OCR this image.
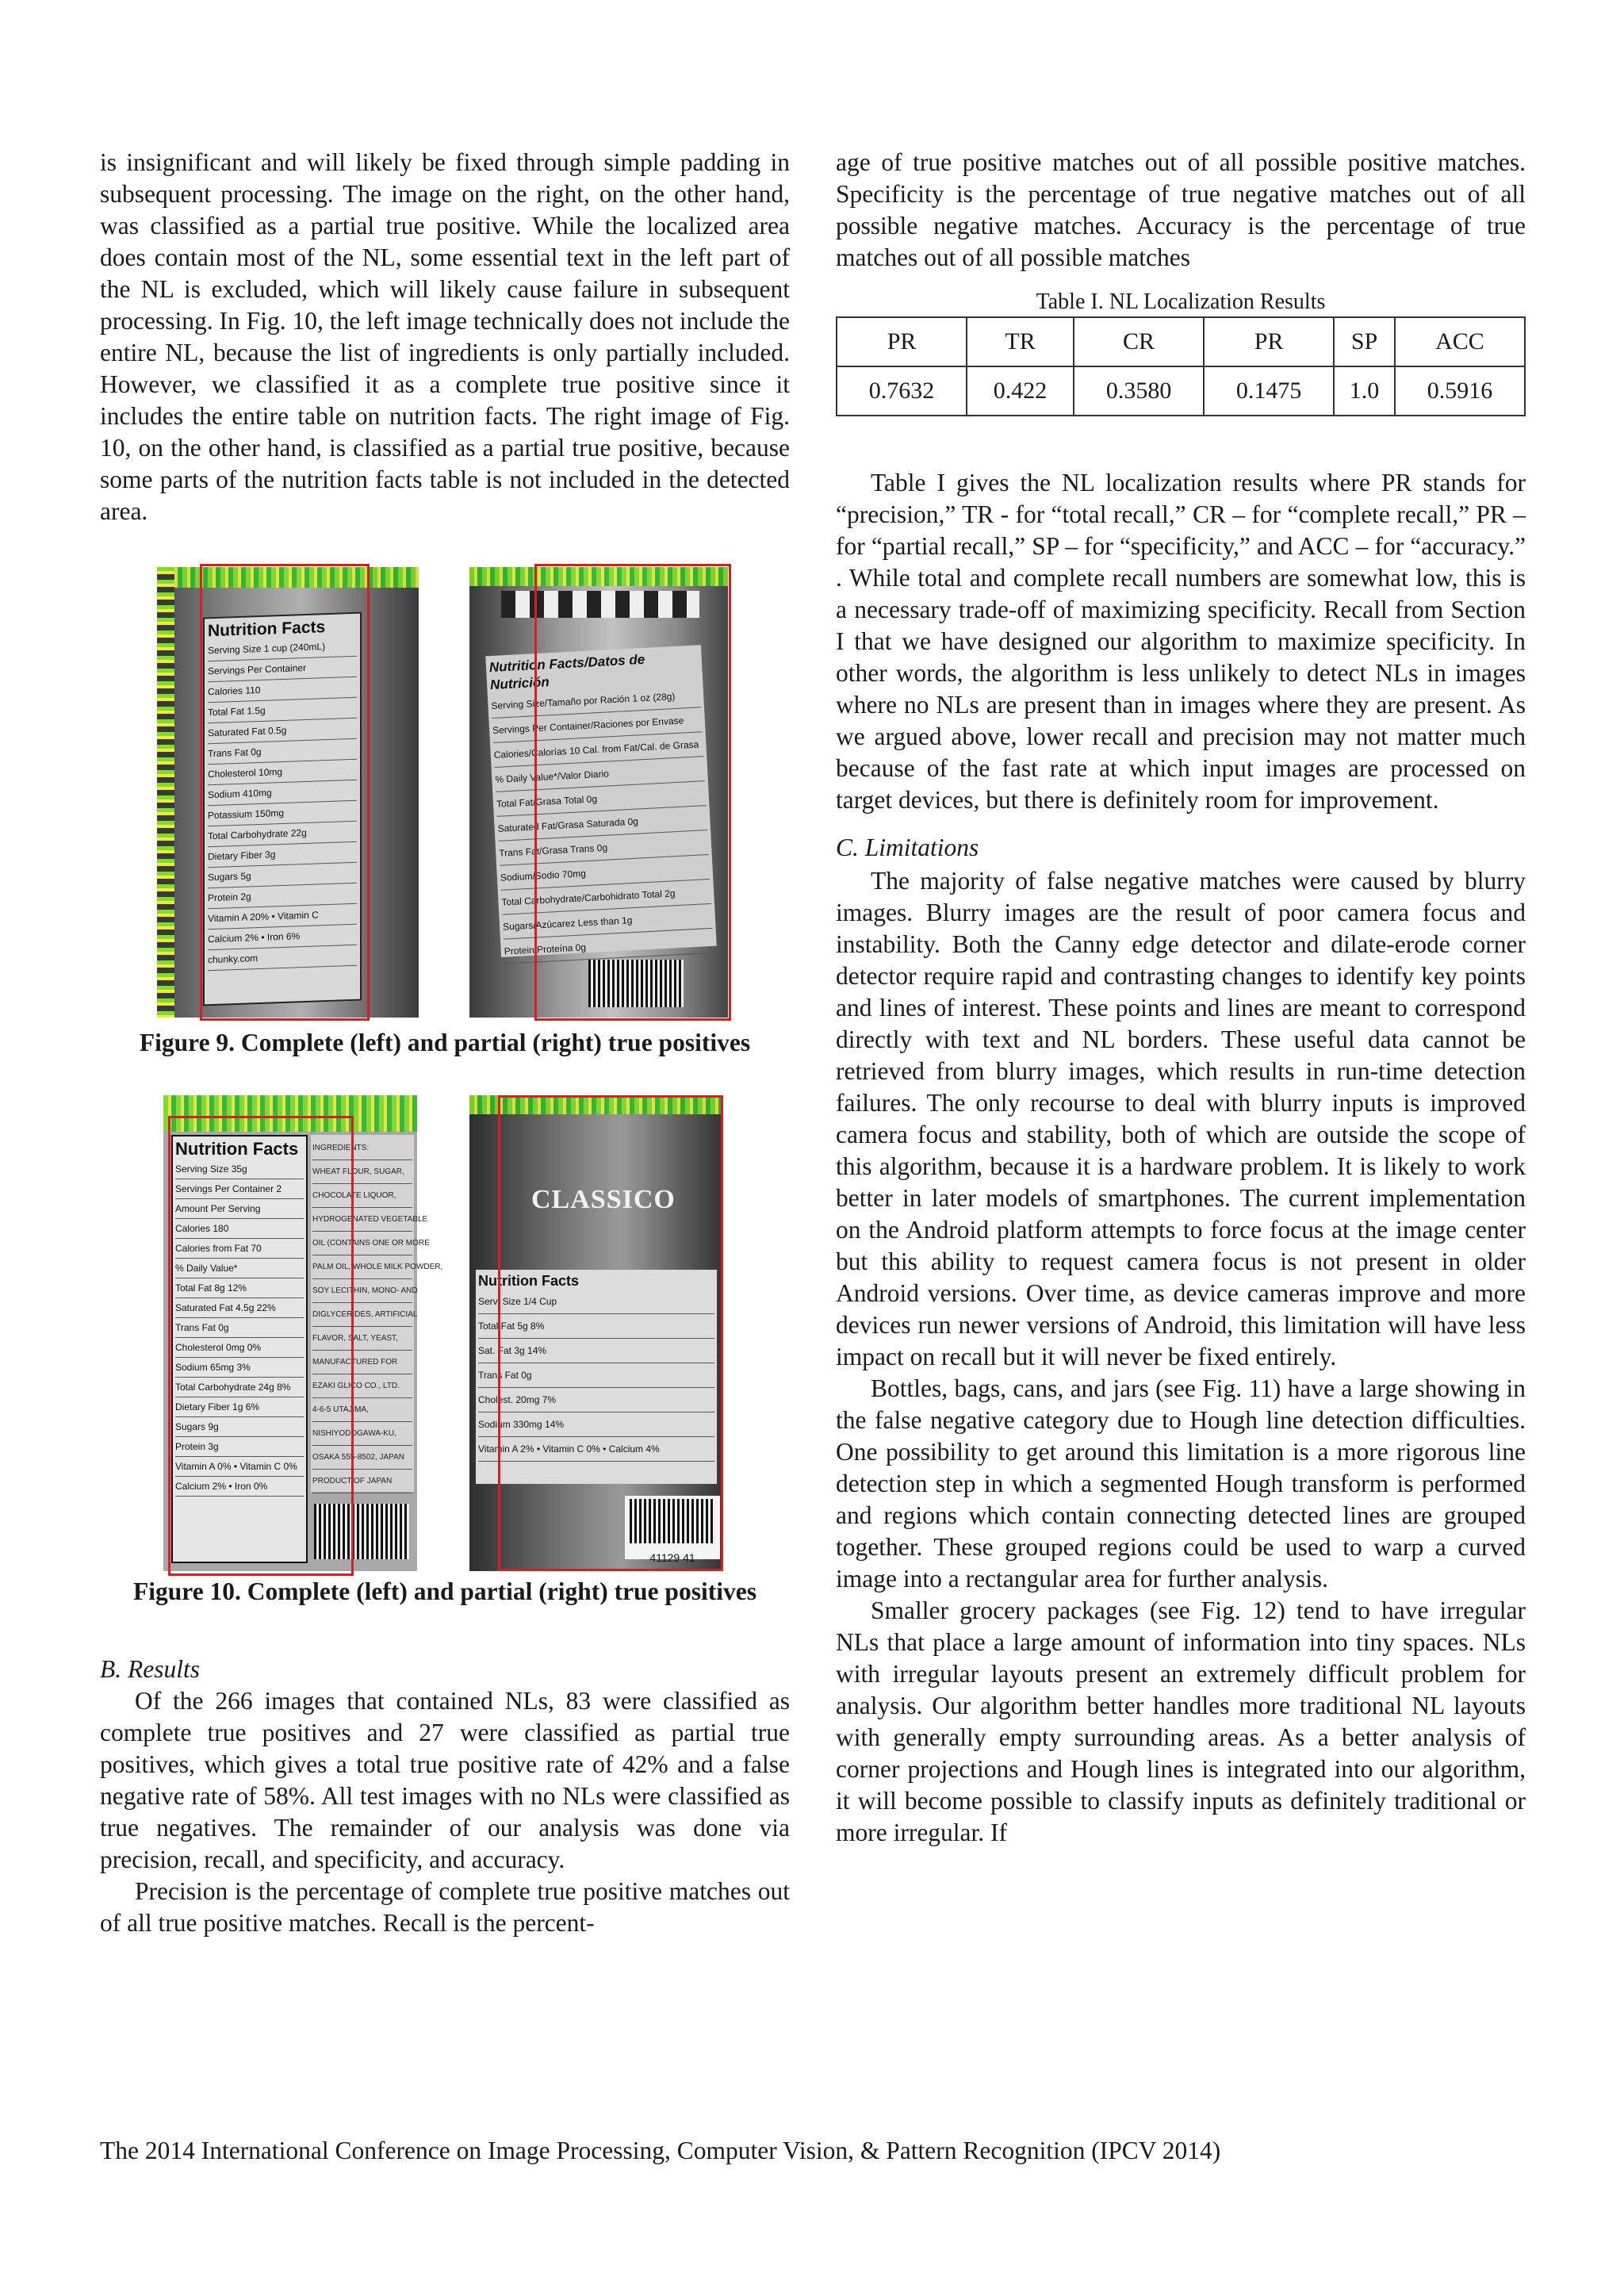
is insignificant and will likely be fixed through simple padding in subsequent processing. The image on the right, on the other hand, was classified as a partial true positive. While the localized area does contain most of the NL, some essential text in the left part of the NL is excluded, which will likely cause failure in subsequent processing. In Fig. 10, the left image technically does not include the entire NL, because the list of ingredients is only partially included. However, we classified it as a complete true positive since it includes the entire table on nutrition facts. The right image of Fig. 10, on the other hand, is classified as a partial true positive, because some parts of the nutrition facts table is not included in the detected area.

Nutrition Facts
Serving Size 1 cup (240mL)
Servings Per Container
Calories 110
Total Fat 1.5g
Saturated Fat 0.5g
Trans Fat 0g
Cholesterol 10mg
Sodium 410mg
Potassium 150mg
Total Carbohydrate 22g
Dietary Fiber 3g
Sugars 5g
Protein 2g
Vitamin A 20% • Vitamin C
Calcium 2% • Iron 6%
chunky.com
Nutrition Facts/Datos de Nutrición
Serving Size/Tamaño por Ración 1 oz (28g)
Servings Per Container/Raciones por Envase
Calories/Calorías 10 Cal. from Fat/Cal. de Grasa
% Daily Value*/Valor Diario
Total Fat/Grasa Total 0g
Saturated Fat/Grasa Saturada 0g
Trans Fat/Grasa Trans 0g
Sodium/Sodio 70mg
Total Carbohydrate/Carbohidrato Total 2g
Sugars/Azúcarez Less than 1g
Protein/Proteína 0g

Figure 9. Complete (left) and partial (right) true positives

Nutrition Facts
Serving Size 35g
Servings Per Container 2
Amount Per Serving
Calories 180
Calories from Fat 70
% Daily Value*
Total Fat 8g 12%
Saturated Fat 4.5g 22%
Trans Fat 0g
Cholesterol 0mg 0%
Sodium 65mg 3%
Total Carbohydrate 24g 8%
Dietary Fiber 1g 6%
Sugars 9g
Protein 3g
Vitamin A 0% • Vitamin C 0%
Calcium 2% • Iron 0%
INGREDIENTS:
WHEAT FLOUR, SUGAR,
CHOCOLATE LIQUOR,
HYDROGENATED VEGETABLE
OIL (CONTAINS ONE OR MORE
PALM OIL, WHOLE MILK POWDER,
SOY LECITHIN, MONO- AND
DIGLYCERIDES, ARTIFICIAL
FLAVOR, SALT, YEAST,
MANUFACTURED FOR
EZAKI GLICO CO., LTD.
4-6-5 UTAJIMA,
NISHIYODOGAWA-KU,
OSAKA 555-8502, JAPAN
PRODUCT OF JAPAN
CLASSICO
Nutrition Facts
Serv. Size 1/4 Cup
Total Fat 5g 8%
Sat. Fat 3g 14%
Trans Fat 0g
Cholest. 20mg 7%
Sodium 330mg 14%
Vitamin A 2% • Vitamin C 0% • Calcium 4%
41129 41

Figure 10. Complete (left) and partial (right) true positives

B. Results

Of the 266 images that contained NLs, 83 were classified as complete true positives and 27 were classified as partial true positives, which gives a total true positive rate of 42% and a false negative rate of 58%. All test images with no NLs were classified as true negatives. The remainder of our analysis was done via precision, recall, and specificity, and accuracy.

Precision is the percentage of complete true positive matches out of all true positive matches. Recall is the percent-

age of true positive matches out of all possible positive matches. Specificity is the percentage of true negative matches out of all possible negative matches. Accuracy is the percentage of true matches out of all possible matches

Table I. NL Localization Results

PR	TR	CR	PR	SP	ACC
0.7632	0.422	0.3580	0.1475	1.0	0.5916

Table I gives the NL localization results where PR stands for “precision,” TR - for “total recall,” CR – for “complete recall,” PR – for “partial recall,” SP – for “specificity,” and ACC – for “accuracy.” . While total and complete recall numbers are somewhat low, this is a necessary trade-off of maximizing specificity. Recall from Section I that we have designed our algorithm to maximize specificity. In other words, the algorithm is less unlikely to detect NLs in images where no NLs are present than in images where they are present. As we argued above, lower recall and precision may not matter much because of the fast rate at which input images are processed on target devices, but there is definitely room for improvement.

C. Limitations

The majority of false negative matches were caused by blurry images. Blurry images are the result of poor camera focus and instability. Both the Canny edge detector and dilate-erode corner detector require rapid and contrasting changes to identify key points and lines of interest. These points and lines are meant to correspond directly with text and NL borders. These useful data cannot be retrieved from blurry images, which results in run-time detection failures. The only recourse to deal with blurry inputs is improved camera focus and stability, both of which are outside the scope of this algorithm, because it is a hardware problem. It is likely to work better in later models of smartphones. The current implementation on the Android platform attempts to force focus at the image center but this ability to request camera focus is not present in older Android versions. Over time, as device cameras improve and more devices run newer versions of Android, this limitation will have less impact on recall but it will never be fixed entirely.

Bottles, bags, cans, and jars (see Fig. 11) have a large showing in the false negative category due to Hough line detection difficulties. One possibility to get around this limitation is a more rigorous line detection step in which a segmented Hough transform is performed and regions which contain connecting detected lines are grouped together. These grouped regions could be used to warp a curved image into a rectangular area for further analysis.

Smaller grocery packages (see Fig. 12) tend to have irregular NLs that place a large amount of information into tiny spaces. NLs with irregular layouts present an extremely difficult problem for analysis. Our algorithm better handles more traditional NL layouts with generally empty surrounding areas. As a better analysis of corner projections and Hough lines is integrated into our algorithm, it will become possible to classify inputs as definitely traditional or more irregular. If

The 2014 International Conference on Image Processing, Computer Vision, & Pattern Recognition (IPCV 2014)
